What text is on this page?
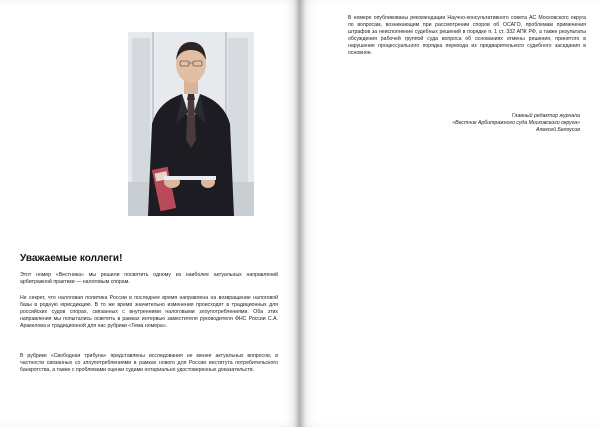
Уважаемые коллеги!

Этот номер «Вестника» мы решили посвятить одному из наиболее актуальных направлений арбитражной практики — налоговым спорам.

Не секрет, что налоговая политика России в последнее время направлена на возвращение налоговой базы в родную юрисдикцию. В то же время значительно изменения происходят в традиционных для российских судов спорах, связанных с внутренними налоговыми злоупотреблениями. Оба этих направления мы попытались осветить в рамках интервью заместителя руководителя ФНС России С.А. Аракелова и традиционной для нас рубрики «Тема номера».

В рубрике «Свободная трибуна» представлены исследования не менее актуальных вопросов, в частности связанных со злоупотреблениями в рамках нового для России института потребительского банкротства, а также с проблемами оценки судами нотариально удостоверенных доказательств.

В номере опубликованы рекомендации Научно-консультативного совета АС Московского округа по вопросам, возникающим при рассмотрении споров об ОСАГО, проблемам применения штрафов за неисполнение судебных решений в порядке п. 1 ст. 332 АПК РФ, а также результаты обсуждения рабочей группой суда вопроса об основаниях отмены решения, принятого в нарушение процессуального порядка перехода из предварительного судебного заседания в основное.

Главный редактор журнала
«Вестник Арбитражного суда Московского округа»
Алексей Белоусов
